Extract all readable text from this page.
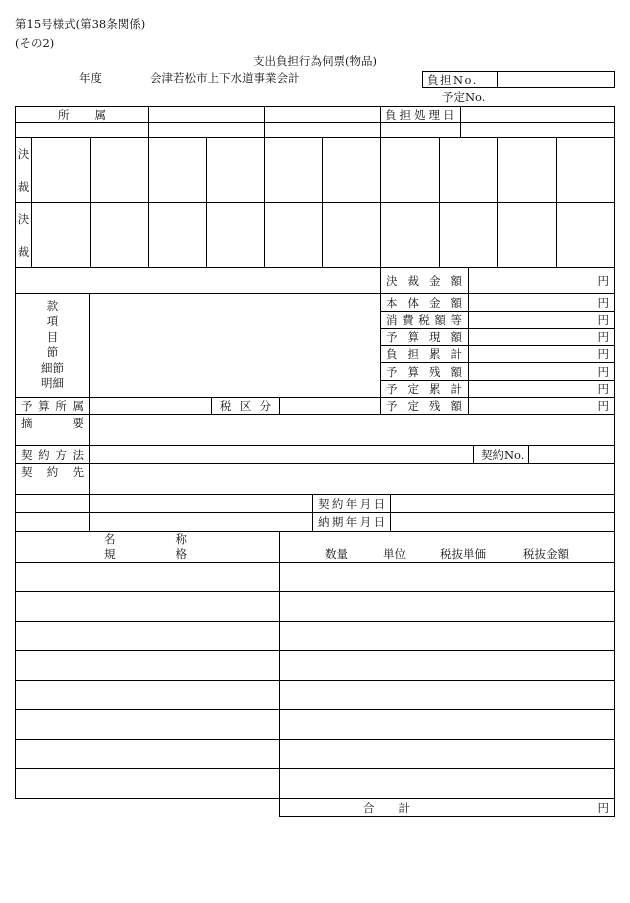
第15号様式(第38条関係)
(その2)
支出負担行為伺票(物品)
年度	会津若松市上下水道事業会計	負担No.
予定No.
所 属	負担処理日
決
裁
決
裁
決 裁 金 額	円
款
項
目
節
細節
明細
本 体 金 額	円
消 費 税 額 等	円
予 算 現 額	円
負 担 累 計	円
予 算 残 額	円
予 定 累 計	円
予 算 所 属	税 区 分	予 定 残 額	円
摘 要
契 約 方 法	契約No.
契 約 先
契約年月日
納期年月日
名 称
規 格	数量	単位	税抜単価	税抜金額
合 計	円
